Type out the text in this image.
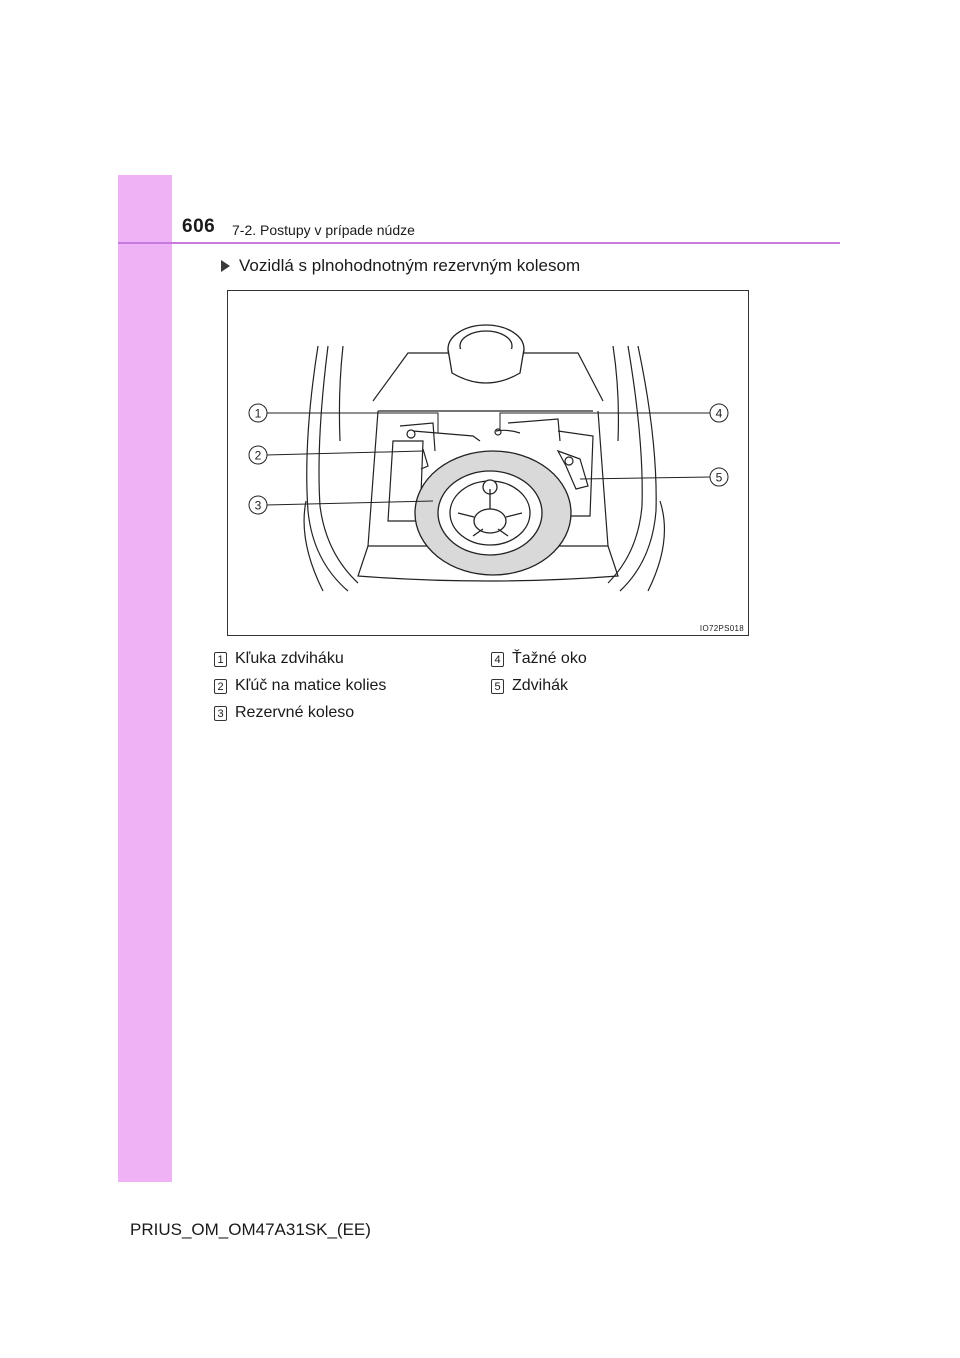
606 7-2. Postupy v prípade núdze
Vozidlá s plnohodnotným rezervným kolesom
1
2
3
4
5
IO72PS018
1 Kľuka zdviháku
2 Kľúč na matice kolies
3 Rezervné koleso
4 Ťažné oko
5 Zdvihák
PRIUS_OM_OM47A31SK_(EE)
